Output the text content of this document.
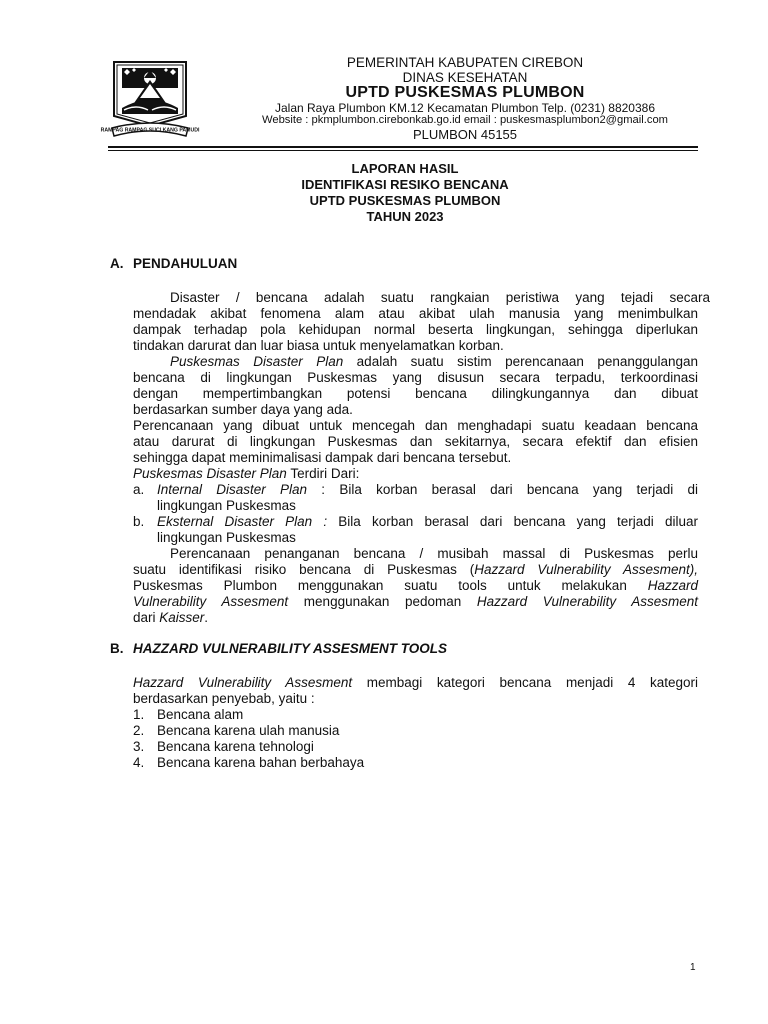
RAMPAG RAMPAG SUCI KANG PAMUDI
PEMERINTAH KABUPATEN CIREBON
DINAS KESEHATAN
UPTD PUSKESMAS PLUMBON
Jalan Raya Plumbon KM.12 Kecamatan Plumbon Telp. (0231) 8820386
Website : pkmplumbon.cirebonkab.go.id email : puskesmasplumbon2@gmail.com
PLUMBON 45155
LAPORAN HASIL
IDENTIFIKASI RESIKO BENCANA
UPTD PUSKESMAS PLUMBON
TAHUN 2023
A. PENDAHULUAN
Disaster / bencana adalah suatu rangkaian peristiwa yang tejadi secara
mendadak akibat fenomena alam atau akibat ulah manusia yang menimbulkan
dampak terhadap pola kehidupan normal beserta lingkungan, sehingga diperlukan
tindakan darurat dan luar biasa untuk menyelamatkan korban.
Puskesmas Disaster Plan adalah suatu sistim perencanaan penanggulangan
bencana di lingkungan Puskesmas yang disusun secara terpadu, terkoordinasi
dengan mempertimbangkan potensi bencana dilingkungannya dan dibuat
berdasarkan sumber daya yang ada.
Perencanaan yang dibuat untuk mencegah dan menghadapi suatu keadaan bencana
atau darurat di lingkungan Puskesmas dan sekitarnya, secara efektif dan efisien
sehingga dapat meminimalisasi dampak dari bencana tersebut.
Puskesmas Disaster Plan Terdiri Dari:
a. Internal Disaster Plan : Bila korban berasal dari bencana yang terjadi di
lingkungan Puskesmas
b. Eksternal Disaster Plan : Bila korban berasal dari bencana yang terjadi diluar
lingkungan Puskesmas
Perencanaan penanganan bencana / musibah massal di Puskesmas perlu
suatu identifikasi risiko bencana di Puskesmas (Hazzard Vulnerability Assesment),
Puskesmas Plumbon menggunakan suatu tools untuk melakukan Hazzard
Vulnerability Assesment menggunakan pedoman Hazzard Vulnerability Assesment
dari Kaisser.
B. HAZZARD VULNERABILITY ASSESMENT TOOLS
Hazzard Vulnerability Assesment membagi kategori bencana menjadi 4 kategori
berdasarkan penyebab, yaitu :
1. Bencana alam
2. Bencana karena ulah manusia
3. Bencana karena tehnologi
4. Bencana karena bahan berbahaya
1
